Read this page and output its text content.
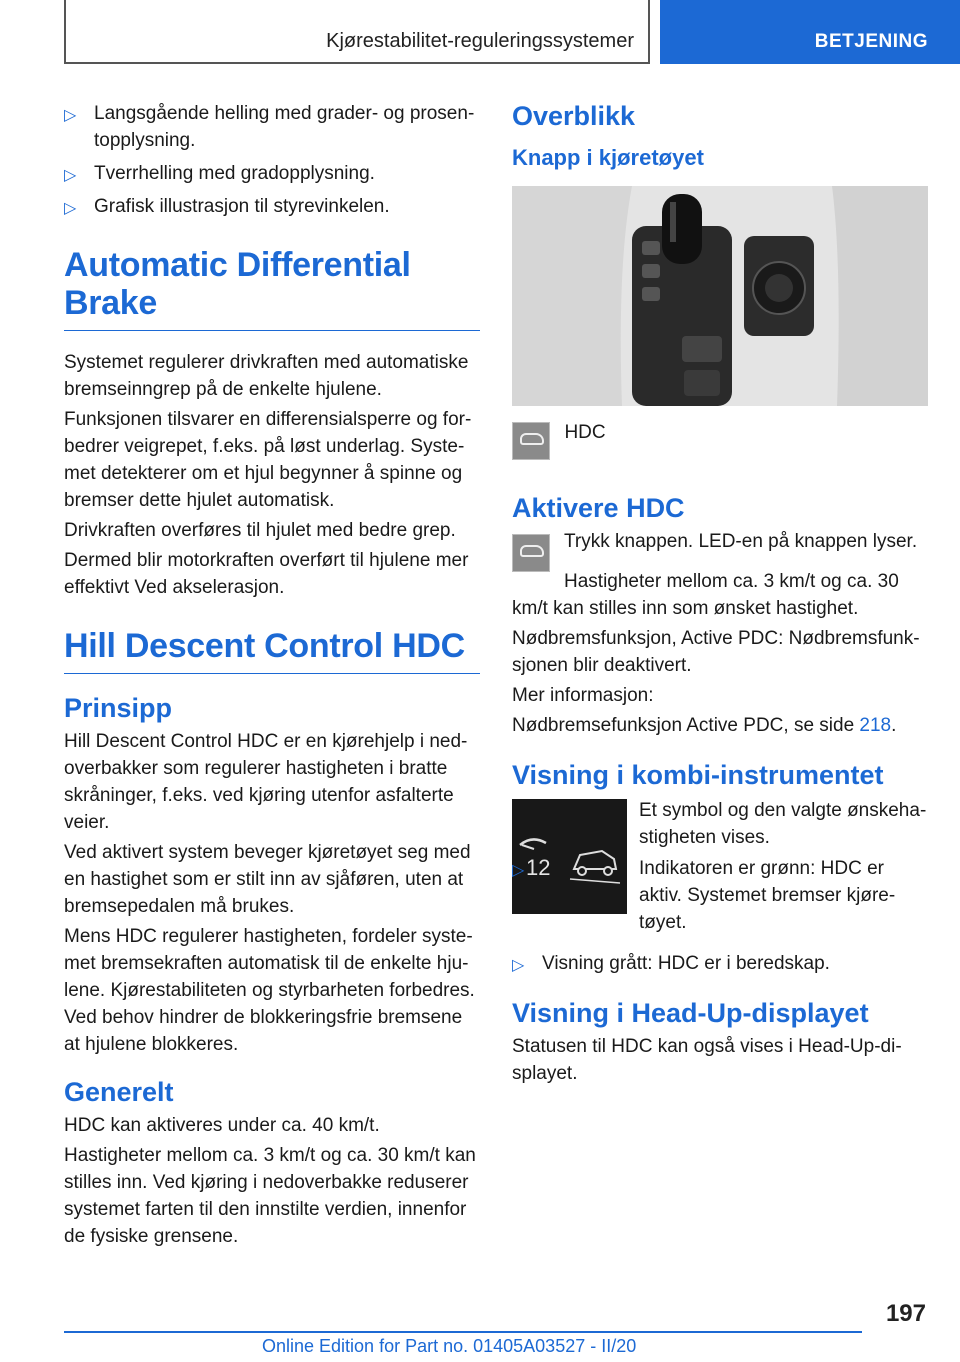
Kjørestabilitet-reguleringssystemer	BETJENING
▷ Langsgående helling med grader- og prosentopplysning.
▷ Tverrhelling med gradopplysning.
▷ Grafisk illustrasjon til styrevinkelen.
Automatic Differential
Brake

Systemet regulerer drivkraften med automatiske bremseinngrep på de enkelte hjulene.

Funksjonen tilsvarer en differensialsperre og forbedrer veigrepet, f.eks. på løst underlag. Systemet detekterer om et hjul begynner å spinne og bremser dette hjulet automatisk.

Drivkraften overføres til hjulet med bedre grep.

Dermed blir motorkraften overført til hjulene mer effektivt Ved akselerasjon.

Hill Descent Control HDC
Prinsipp

Hill Descent Control HDC er en kjørehjelp i nedoverbakker som regulerer hastigheten i bratte skråninger, f.eks. ved kjøring utenfor asfalterte veier.

Ved aktivert system beveger kjøretøyet seg med en hastighet som er stilt inn av sjåføren, uten at bremsepedalen må brukes.

Mens HDC regulerer hastigheten, fordeler systemet bremsekraften automatisk til de enkelte hjulene. Kjørestabiliteten og styrbarheten forbedres. Ved behov hindrer de blokkeringsfrie bremsene at hjulene blokkeres.

Generelt

HDC kan aktiveres under ca. 40 km/t.

Hastigheter mellom ca. 3 km/t og ca. 30 km/t kan stilles inn. Ved kjøring i nedoverbakke reduserer systemet farten til den innstilte verdien, innenfor de fysiske grensene.

Overblikk
Knapp i kjøretøyet
HDC
Aktivere HDC

Trykk knappen. LED-en på knappen lyser.

Hastigheter mellom ca. 3 km/t og ca. 30 km/t kan stilles inn som ønsket hastighet.

Nødbremsfunksjon, Active PDC: Nødbremsfunksjonen blir deaktivert.

Mer informasjon:

Nødbremsefunksjon Active PDC, se side 218.

Visning i kombi-instrumentet
12

Et symbol og den valgte ønskehastigheten vises.

▷	Indikatoren er grønn: HDC er aktiv. Systemet bremser kjøretøyet.
▷ Visning grått: HDC er i beredskap.
Visning i Head-Up-displayet

Statusen til HDC kan også vises i Head-Up-displayet.

197
Online Edition for Part no. 01405A03527 - II/20
